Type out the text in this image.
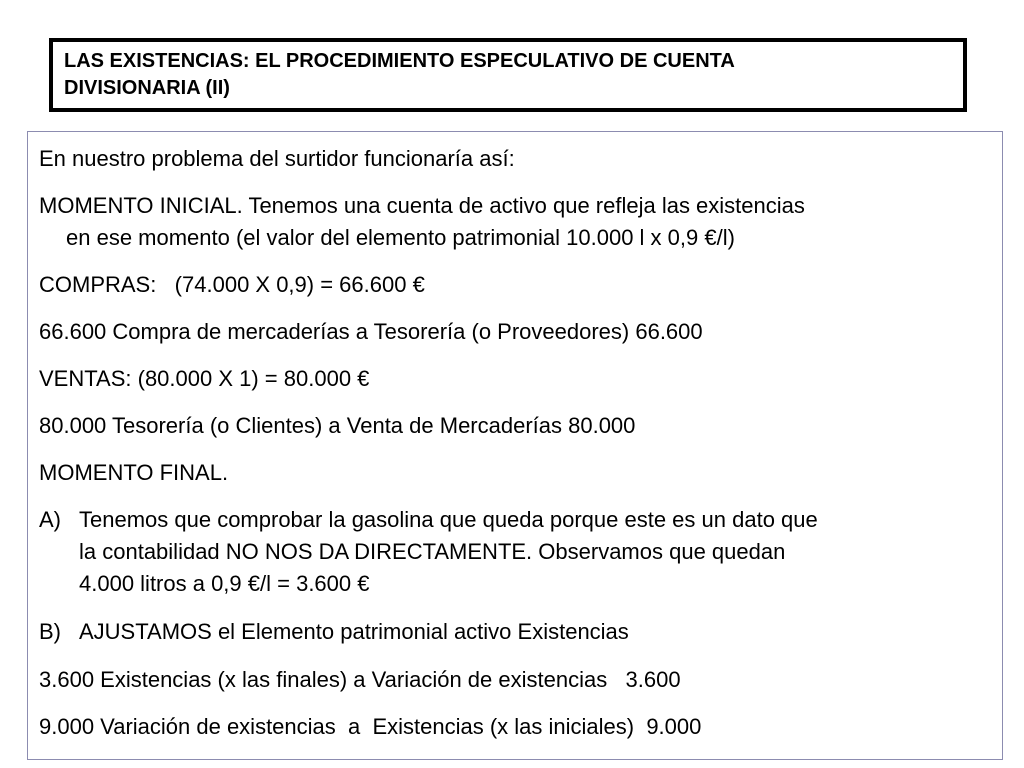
LAS EXISTENCIAS: EL PROCEDIMIENTO ESPECULATIVO DE CUENTA
DIVISIONARIA (II)

En nuestro problema del surtidor funcionaría así:

MOMENTO INICIAL. Tenemos una cuenta de activo que refleja las existencias
en ese momento (el valor del elemento patrimonial 10.000 l x 0,9 €/l)

COMPRAS:   (74.000 X 0,9) = 66.600 €

66.600 Compra de mercaderías a Tesorería (o Proveedores) 66.600

VENTAS: (80.000 X 1) = 80.000 €

80.000 Tesorería (o Clientes) a Venta de Mercaderías 80.000

MOMENTO FINAL.

A) Tenemos que comprobar la gasolina que queda porque este es un dato que
la contabilidad NO NOS DA DIRECTAMENTE. Observamos que quedan
4.000 litros a 0,9 €/l = 3.600 €
B) AJUSTAMOS el Elemento patrimonial activo Existencias

3.600 Existencias (x las finales) a Variación de existencias   3.600

9.000 Variación de existencias  a  Existencias (x las iniciales)  9.000
